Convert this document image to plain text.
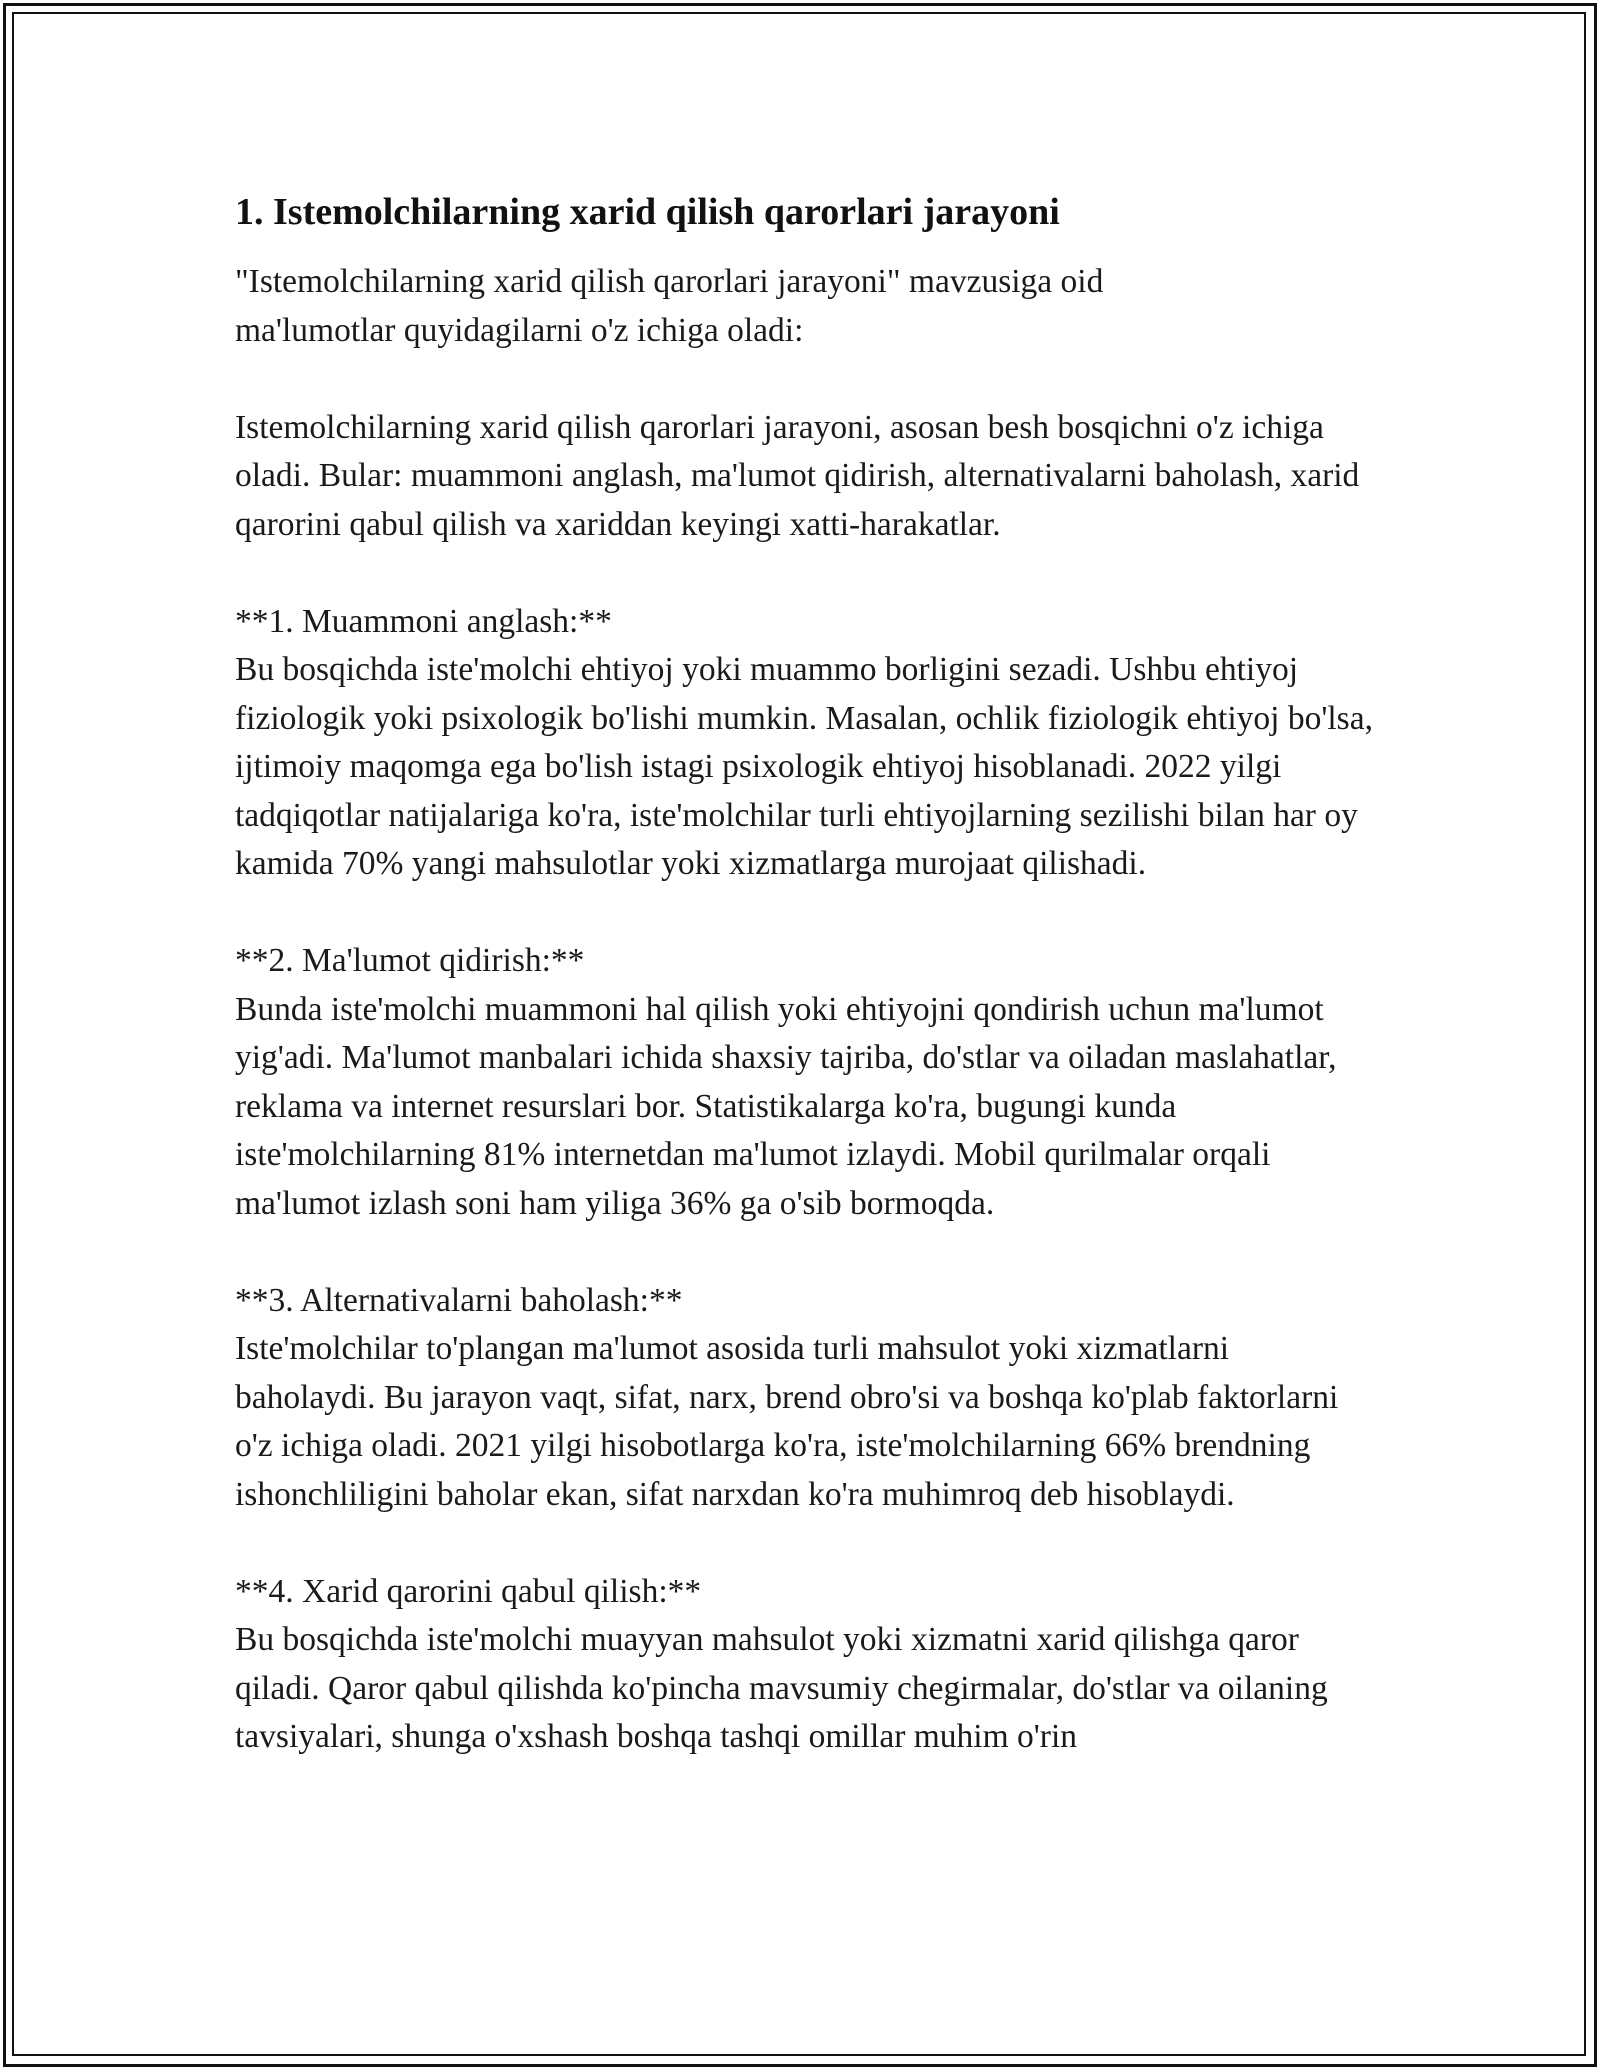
1. Istemolchilarning xarid qilish qarorlari jarayoni

"Istemolchilarning xarid qilish qarorlari jarayoni" mavzusiga oid ma'lumotlar quyidagilarni o'z ichiga oladi:

Istemolchilarning xarid qilish qarorlari jarayoni, asosan besh bosqichni o'z ichiga oladi. Bular: muammoni anglash, ma'lumot qidirish, alternativalarni baholash, xarid qarorini qabul qilish va xariddan keyingi xatti-harakatlar.

**1. Muammoni anglash:**
Bu bosqichda iste'molchi ehtiyoj yoki muammo borligini sezadi. Ushbu ehtiyoj fiziologik yoki psixologik bo'lishi mumkin. Masalan, ochlik fiziologik ehtiyoj bo'lsa, ijtimoiy maqomga ega bo'lish istagi psixologik ehtiyoj hisoblanadi. 2022 yilgi tadqiqotlar natijalariga ko'ra, iste'molchilar turli ehtiyojlarning sezilishi bilan har oy kamida 70% yangi mahsulotlar yoki xizmatlarga murojaat qilishadi.
**2. Ma'lumot qidirish:**
Bunda iste'molchi muammoni hal qilish yoki ehtiyojni qondirish uchun ma'lumot yig'adi. Ma'lumot manbalari ichida shaxsiy tajriba, do'stlar va oiladan maslahatlar, reklama va internet resurslari bor. Statistikalarga ko'ra, bugungi kunda iste'molchilarning 81% internetdan ma'lumot izlaydi. Mobil qurilmalar orqali ma'lumot izlash soni ham yiliga 36% ga o'sib bormoqda.
**3. Alternativalarni baholash:**
Iste'molchilar to'plangan ma'lumot asosida turli mahsulot yoki xizmatlarni baholaydi. Bu jarayon vaqt, sifat, narx, brend obro'si va boshqa ko'plab faktorlarni o'z ichiga oladi. 2021 yilgi hisobotlarga ko'ra, iste'molchilarning 66% brendning ishonchliligini baholar ekan, sifat narxdan ko'ra muhimroq deb hisoblaydi.
**4. Xarid qarorini qabul qilish:**
Bu bosqichda iste'molchi muayyan mahsulot yoki xizmatni xarid qilishga qaror qiladi. Qaror qabul qilishda ko'pincha mavsumiy chegirmalar, do'stlar va oilaning tavsiyalari, shunga o'xshash boshqa tashqi omillar muhim o'rin
